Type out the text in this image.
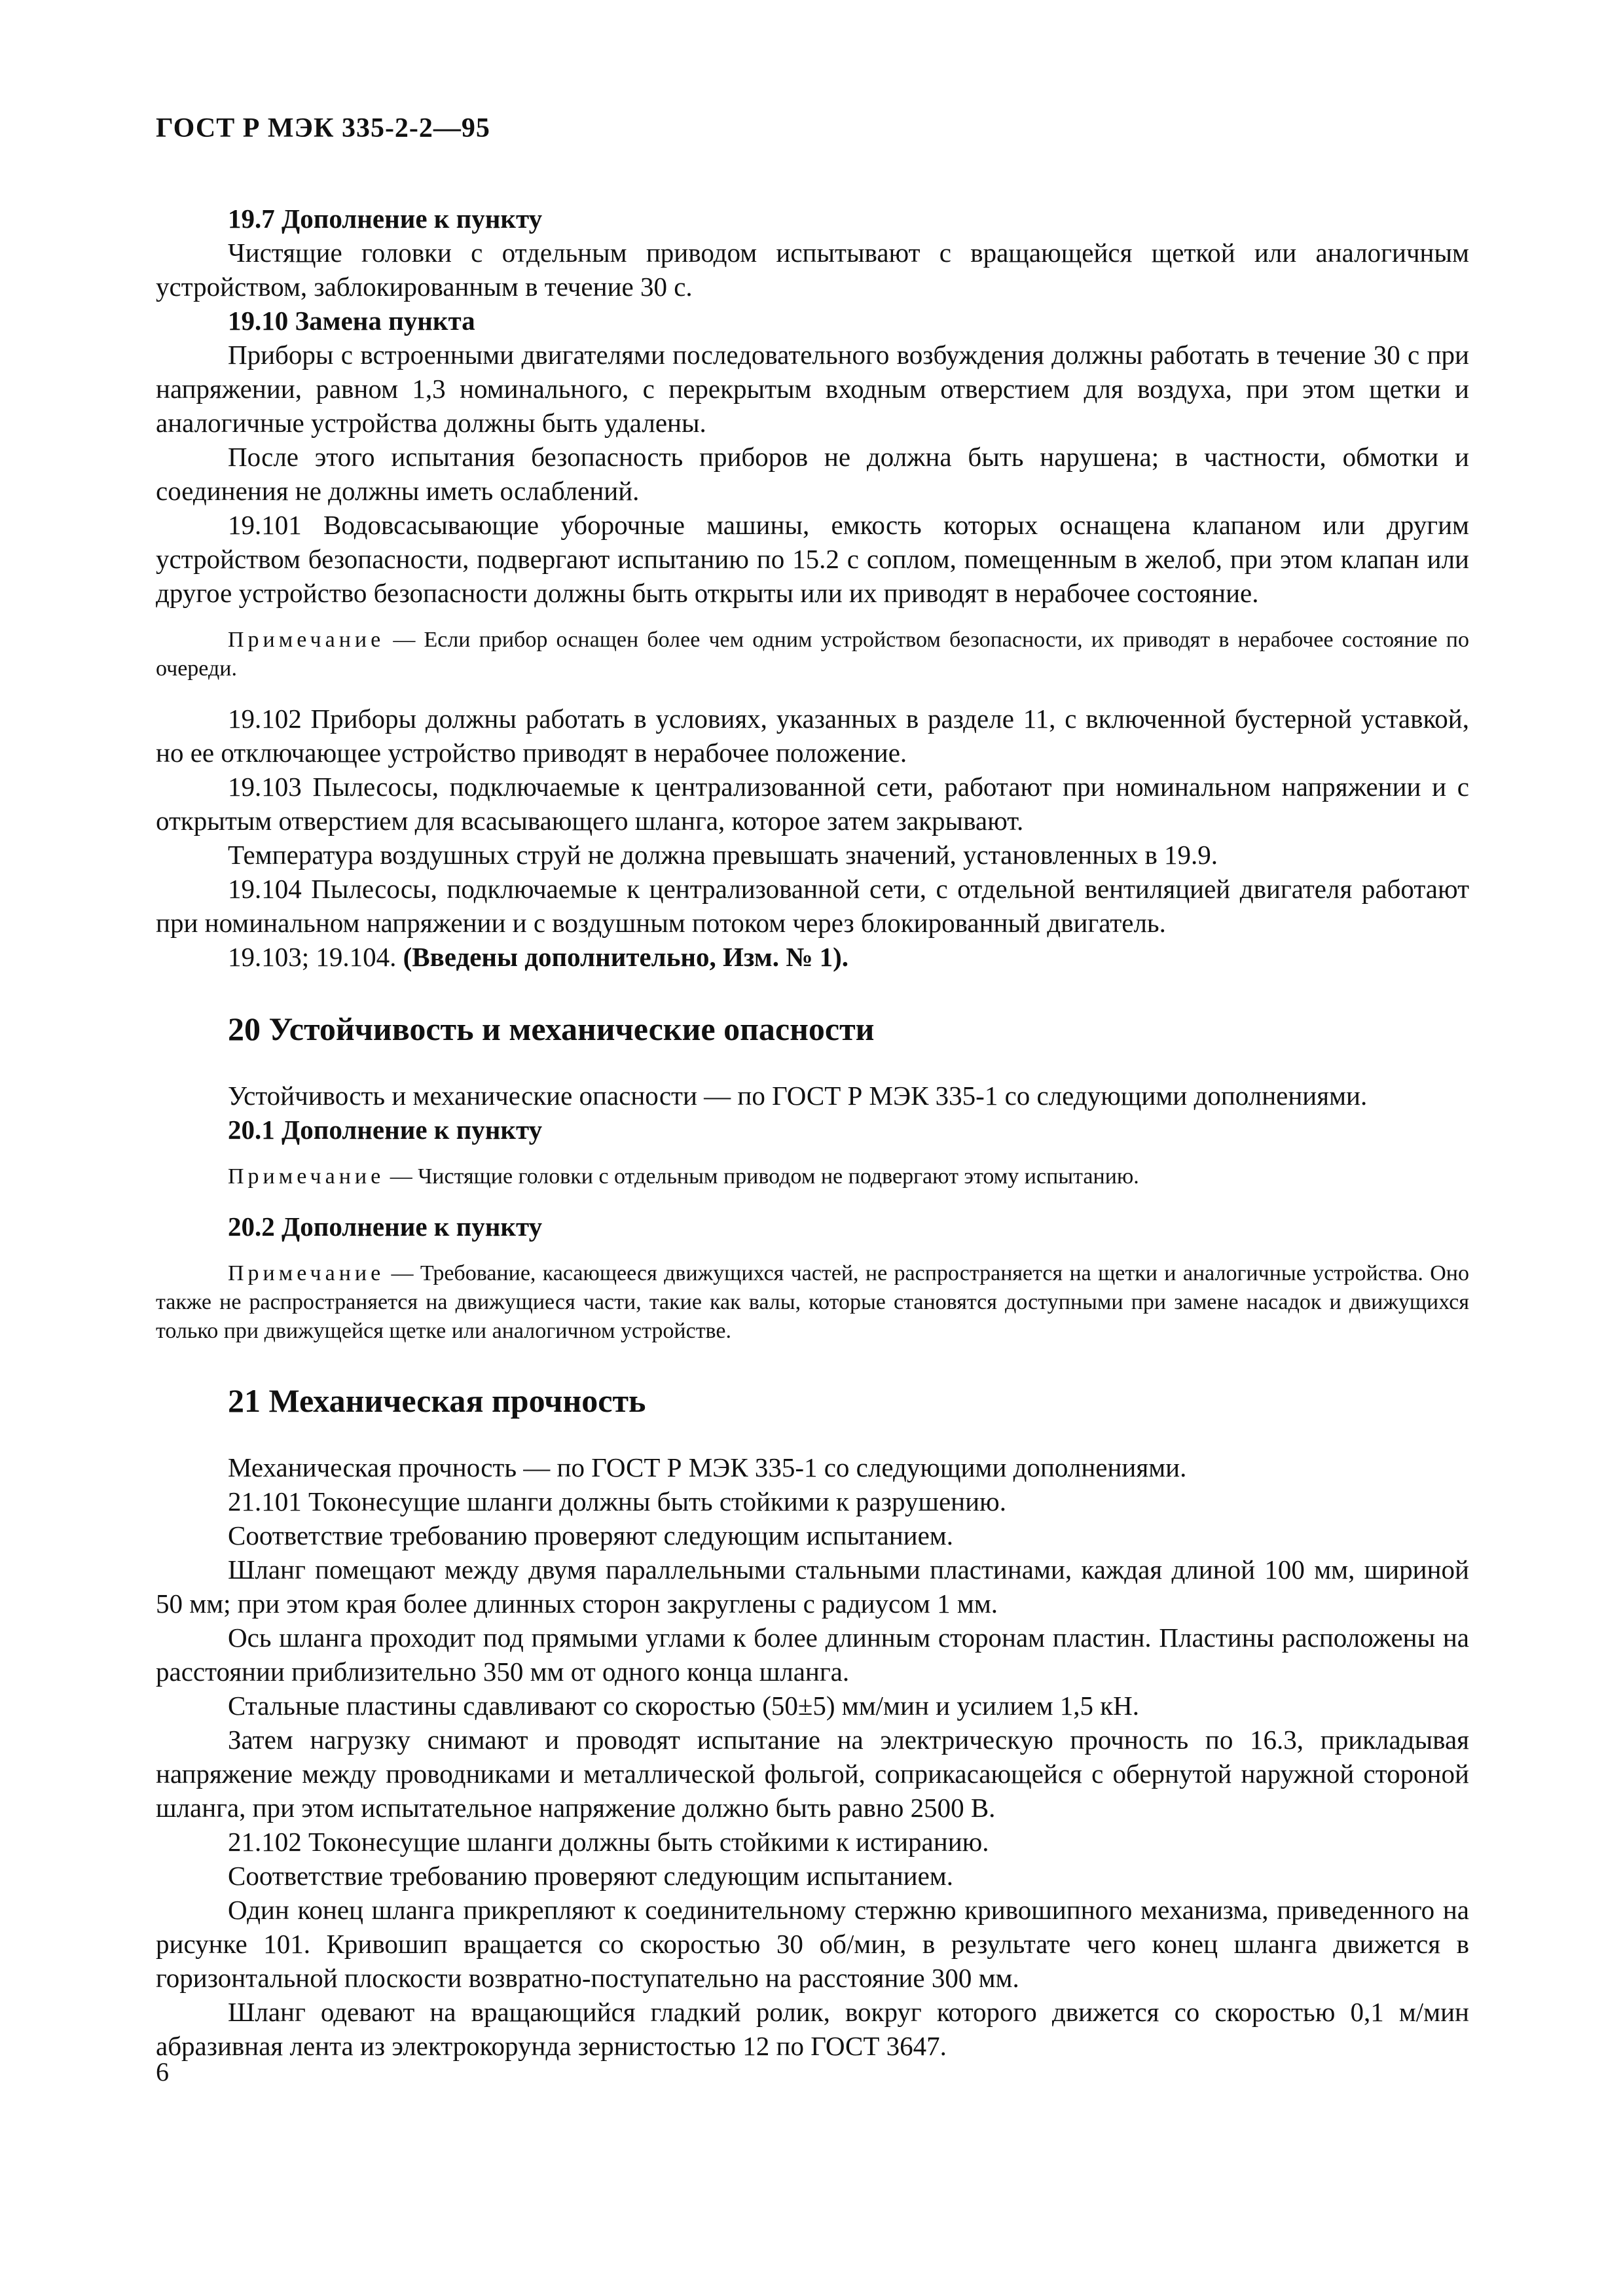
ГОСТ Р МЭК 335-2-2—95
19.7 Дополнение к пункту

Чистящие головки с отдельным приводом испытывают с вращающейся щеткой или аналогичным устройством, заблокированным в течение 30 с.

19.10 Замена пункта

Приборы с встроенными двигателями последовательного возбуждения должны работать в течение 30 с при напряжении, равном 1,3 номинального, с перекрытым входным отверстием для воздуха, при этом щетки и аналогичные устройства должны быть удалены.

После этого испытания безопасность приборов не должна быть нарушена; в частности, обмотки и соединения не должны иметь ослаблений.

19.101 Водовсасывающие уборочные машины, емкость которых оснащена клапаном или другим устройством безопасности, подвергают испытанию по 15.2 с соплом, помещенным в желоб, при этом клапан или другое устройство безопасности должны быть открыты или их приводят в нерабочее состояние.

Примечание — Если прибор оснащен более чем одним устройством безопасности, их приводят в нерабочее состояние по очереди.

19.102 Приборы должны работать в условиях, указанных в разделе 11, с включенной бустерной уставкой, но ее отключающее устройство приводят в нерабочее положение.

19.103 Пылесосы, подключаемые к централизованной сети, работают при номинальном напряжении и с открытым отверстием для всасывающего шланга, которое затем закрывают.

Температура воздушных струй не должна превышать значений, установленных в 19.9.

19.104 Пылесосы, подключаемые к централизованной сети, с отдельной вентиляцией двигателя работают при номинальном напряжении и с воздушным потоком через блокированный двигатель.

19.103; 19.104. (Введены дополнительно, Изм. № 1).

20 Устойчивость и механические опасности

Устойчивость и механические опасности — по ГОСТ Р МЭК 335-1 со следующими дополнениями.

20.1 Дополнение к пункту

Примечание — Чистящие головки с отдельным приводом не подвергают этому испытанию.

20.2 Дополнение к пункту

Примечание — Требование, касающееся движущихся частей, не распространяется на щетки и аналогичные устройства. Оно также не распространяется на движущиеся части, такие как валы, которые становятся доступными при замене насадок и движущихся только при движущейся щетке или аналогичном устройстве.

21 Механическая прочность

Механическая прочность — по ГОСТ Р МЭК 335-1 со следующими дополнениями.

21.101 Токонесущие шланги должны быть стойкими к разрушению.

Соответствие требованию проверяют следующим испытанием.

Шланг помещают между двумя параллельными стальными пластинами, каждая длиной 100 мм, шириной 50 мм; при этом края более длинных сторон закруглены с радиусом 1 мм.

Ось шланга проходит под прямыми углами к более длинным сторонам пластин. Пластины расположены на расстоянии приблизительно 350 мм от одного конца шланга.

Стальные пластины сдавливают со скоростью (50±5) мм/мин и усилием 1,5 кН.

Затем нагрузку снимают и проводят испытание на электрическую прочность по 16.3, прикладывая напряжение между проводниками и металлической фольгой, соприкасающейся с обернутой наружной стороной шланга, при этом испытательное напряжение должно быть равно 2500 В.

21.102 Токонесущие шланги должны быть стойкими к истиранию.

Соответствие требованию проверяют следующим испытанием.

Один конец шланга прикрепляют к соединительному стержню кривошипного механизма, приведенного на рисунке 101. Кривошип вращается со скоростью 30 об/мин, в результате чего конец шланга движется в горизонтальной плоскости возвратно-поступательно на расстояние 300 мм.

Шланг одевают на вращающийся гладкий ролик, вокруг которого движется со скоростью 0,1 м/мин абразивная лента из электрокорунда зернистостью 12 по ГОСТ 3647.

6
